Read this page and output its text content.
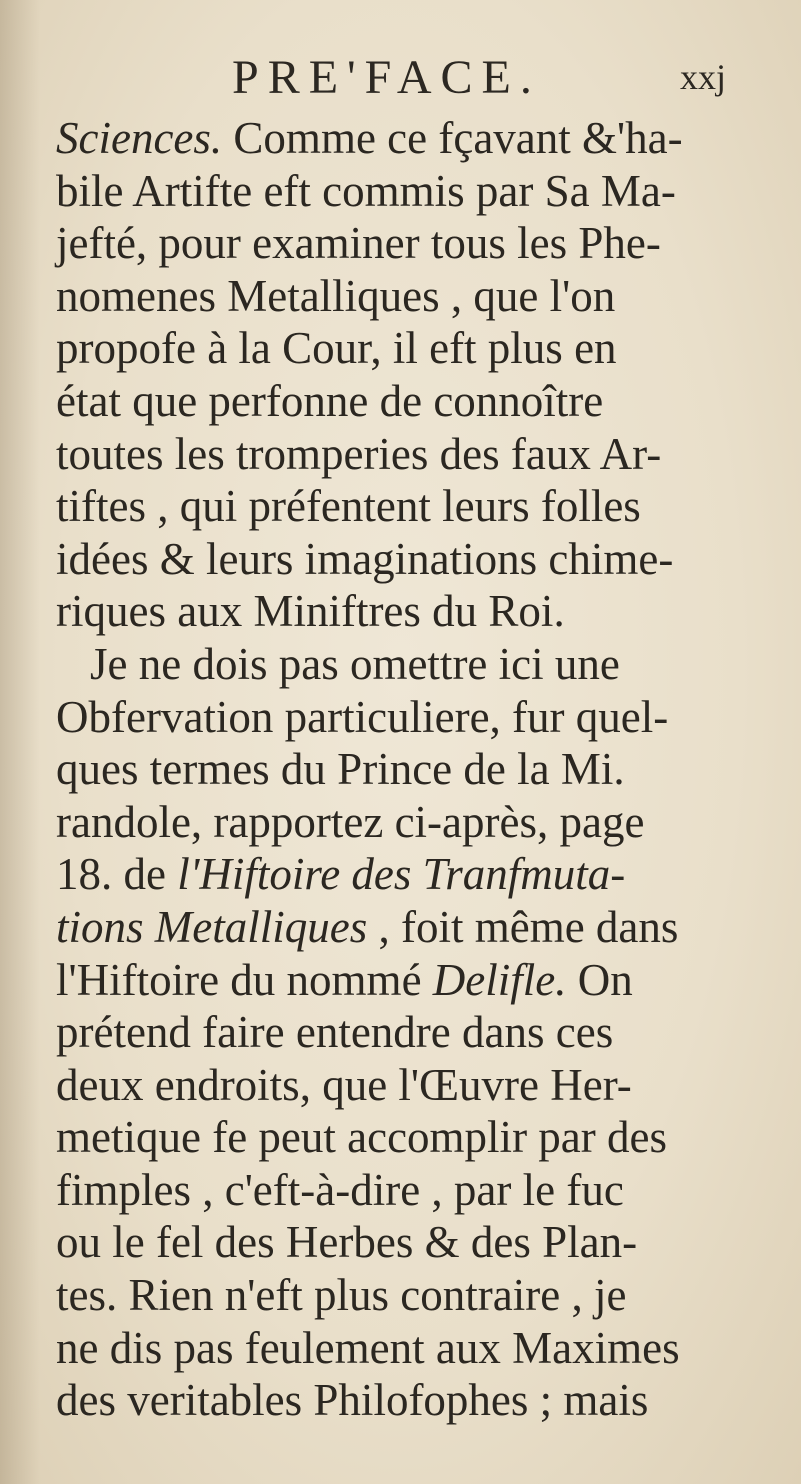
PRE'FACE.	xxj
Sciences. Comme ce fçavant &'ha-
bile Artifte eft commis par Sa Ma-
jefté, pour examiner tous les Phe-
nomenes Metalliques , que l'on
propofe à la Cour, il eft plus en
état que perfonne de connoître
toutes les tromperies des faux Ar-
tiftes , qui préfentent leurs folles
idées & leurs imaginations chime-
riques aux Miniftres du Roi.
Je ne dois pas omettre ici une
Obfervation particuliere, fur quel-
ques termes du Prince de la Mi.
randole, rapportez ci-après, page
18. de l'Hiftoire des Tranfmuta-
tions Metalliques , foit même dans
l'Hiftoire du nommé Delifle. On
prétend faire entendre dans ces
deux endroits, que l'Œuvre Her-
metique fe peut accomplir par des
fimples , c'eft-à-dire , par le fuc
ou le fel des Herbes & des Plan-
tes. Rien n'eft plus contraire , je
ne dis pas feulement aux Maximes
des veritables Philofophes ; mais
